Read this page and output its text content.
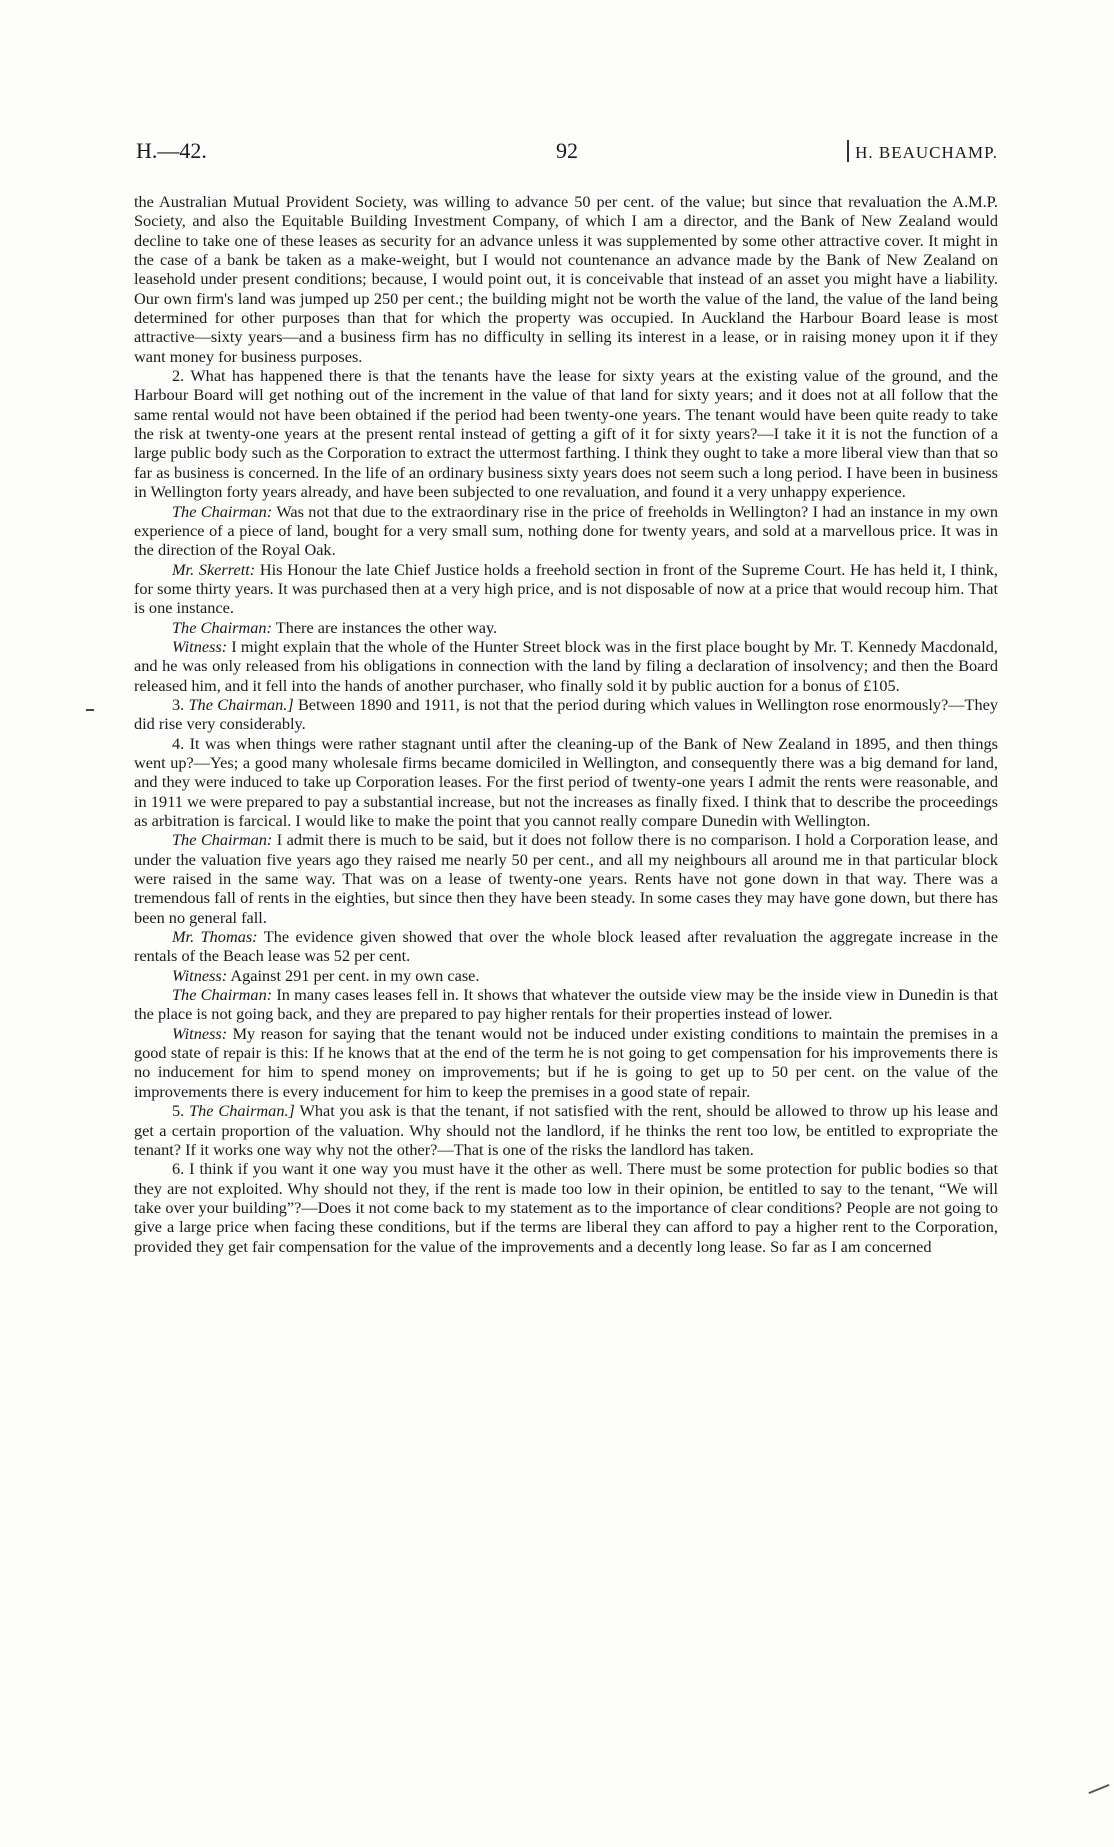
H.—42.	92	H. BEAUCHAMP.

the Australian Mutual Provident Society, was willing to advance 50 per cent. of the value; but since that revaluation the A.M.P. Society, and also the Equitable Building Investment Company, of which I am a director, and the Bank of New Zealand would decline to take one of these leases as security for an advance unless it was supplemented by some other attractive cover. It might in the case of a bank be taken as a make-weight, but I would not countenance an advance made by the Bank of New Zealand on leasehold under present conditions; because, I would point out, it is conceivable that instead of an asset you might have a liability. Our own firm's land was jumped up 250 per cent.; the building might not be worth the value of the land, the value of the land being determined for other purposes than that for which the property was occupied. In Auckland the Harbour Board lease is most attractive—sixty years—and a business firm has no difficulty in selling its interest in a lease, or in raising money upon it if they want money for business purposes.

2. What has happened there is that the tenants have the lease for sixty years at the existing value of the ground, and the Harbour Board will get nothing out of the increment in the value of that land for sixty years; and it does not at all follow that the same rental would not have been obtained if the period had been twenty-one years. The tenant would have been quite ready to take the risk at twenty-one years at the present rental instead of getting a gift of it for sixty years?—I take it it is not the function of a large public body such as the Corporation to extract the uttermost farthing. I think they ought to take a more liberal view than that so far as business is concerned. In the life of an ordinary business sixty years does not seem such a long period. I have been in business in Wellington forty years already, and have been subjected to one revaluation, and found it a very unhappy experience.

The Chairman: Was not that due to the extraordinary rise in the price of freeholds in Wellington? I had an instance in my own experience of a piece of land, bought for a very small sum, nothing done for twenty years, and sold at a marvellous price. It was in the direction of the Royal Oak.

Mr. Skerrett: His Honour the late Chief Justice holds a freehold section in front of the Supreme Court. He has held it, I think, for some thirty years. It was purchased then at a very high price, and is not disposable of now at a price that would recoup him. That is one instance.

The Chairman: There are instances the other way.

Witness: I might explain that the whole of the Hunter Street block was in the first place bought by Mr. T. Kennedy Macdonald, and he was only released from his obligations in connection with the land by filing a declaration of insolvency; and then the Board released him, and it fell into the hands of another purchaser, who finally sold it by public auction for a bonus of £105.

3. The Chairman.] Between 1890 and 1911, is not that the period during which values in Wellington rose enormously?—They did rise very considerably.

4. It was when things were rather stagnant until after the cleaning-up of the Bank of New Zealand in 1895, and then things went up?—Yes; a good many wholesale firms became domiciled in Wellington, and consequently there was a big demand for land, and they were induced to take up Corporation leases. For the first period of twenty-one years I admit the rents were reasonable, and in 1911 we were prepared to pay a substantial increase, but not the increases as finally fixed. I think that to describe the proceedings as arbitration is farcical. I would like to make the point that you cannot really compare Dunedin with Wellington.

The Chairman: I admit there is much to be said, but it does not follow there is no comparison. I hold a Corporation lease, and under the valuation five years ago they raised me nearly 50 per cent., and all my neighbours all around me in that particular block were raised in the same way. That was on a lease of twenty-one years. Rents have not gone down in that way. There was a tremendous fall of rents in the eighties, but since then they have been steady. In some cases they may have gone down, but there has been no general fall.

Mr. Thomas: The evidence given showed that over the whole block leased after revaluation the aggregate increase in the rentals of the Beach lease was 52 per cent.

Witness: Against 291 per cent. in my own case.

The Chairman: In many cases leases fell in. It shows that whatever the outside view may be the inside view in Dunedin is that the place is not going back, and they are prepared to pay higher rentals for their properties instead of lower.

Witness: My reason for saying that the tenant would not be induced under existing conditions to maintain the premises in a good state of repair is this: If he knows that at the end of the term he is not going to get compensation for his improvements there is no inducement for him to spend money on improvements; but if he is going to get up to 50 per cent. on the value of the improvements there is every inducement for him to keep the premises in a good state of repair.

5. The Chairman.] What you ask is that the tenant, if not satisfied with the rent, should be allowed to throw up his lease and get a certain proportion of the valuation. Why should not the landlord, if he thinks the rent too low, be entitled to expropriate the tenant? If it works one way why not the other?—That is one of the risks the landlord has taken.

6. I think if you want it one way you must have it the other as well. There must be some protection for public bodies so that they are not exploited. Why should not they, if the rent is made too low in their opinion, be entitled to say to the tenant, “We will take over your building”?—Does it not come back to my statement as to the importance of clear conditions? People are not going to give a large price when facing these conditions, but if the terms are liberal they can afford to pay a higher rent to the Corporation, provided they get fair compensation for the value of the improvements and a decently long lease. So far as I am concerned
